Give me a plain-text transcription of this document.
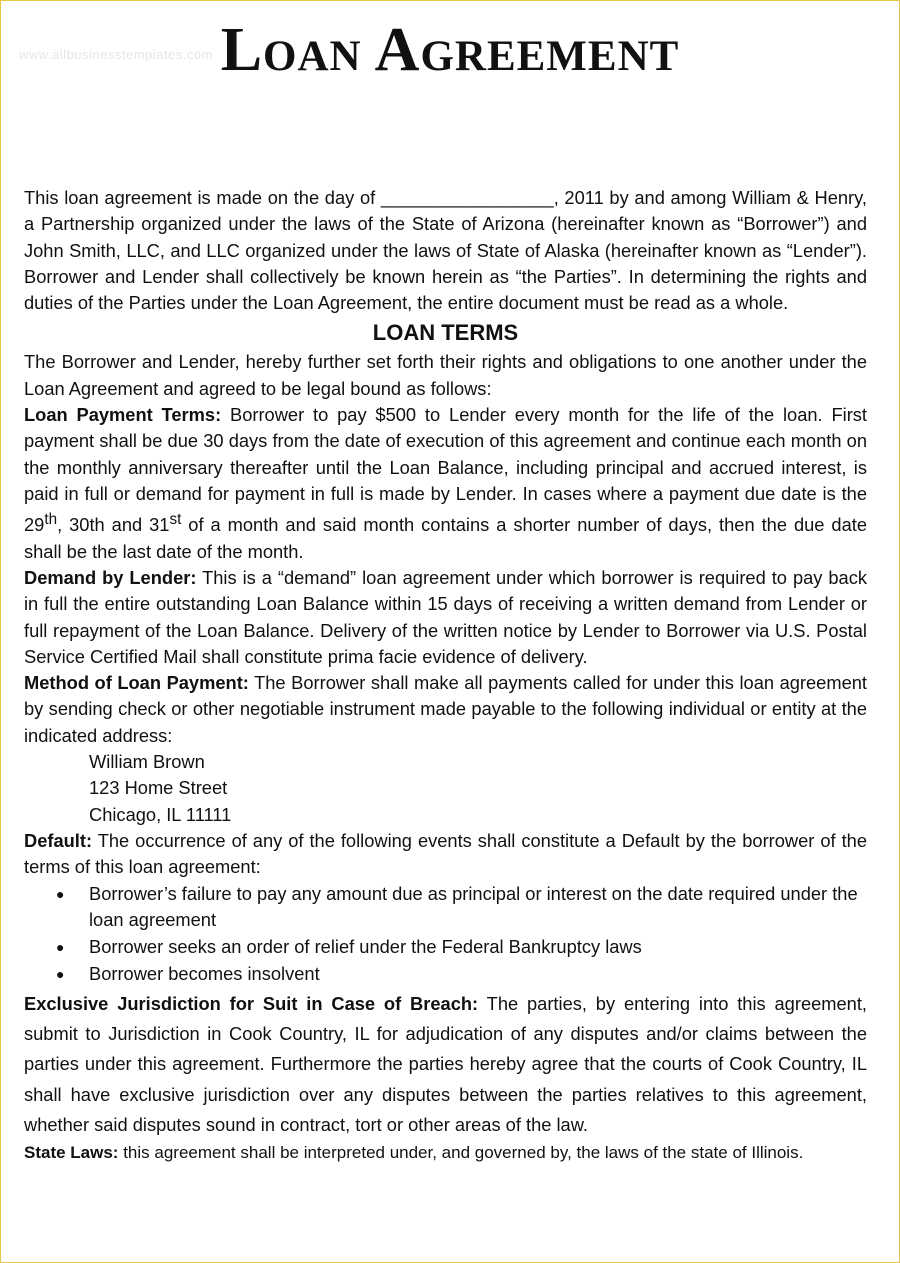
www.allbusinesstemplates.com Loan Agreement

This loan agreement is made on the day of _________________, 2011 by and among William & Henry, a Partnership organized under the laws of the State of Arizona (hereinafter known as “Borrower”) and John Smith, LLC, and LLC organized under the laws of State of Alaska (hereinafter known as “Lender”). Borrower and Lender shall collectively be known herein as “the Parties”. In determining the rights and duties of the Parties under the Loan Agreement, the entire document must be read as a whole.

LOAN TERMS

The Borrower and Lender, hereby further set forth their rights and obligations to one another under the Loan Agreement and agreed to be legal bound as follows:

Loan Payment Terms: Borrower to pay $500 to Lender every month for the life of the loan. First payment shall be due 30 days from the date of execution of this agreement and continue each month on the monthly anniversary thereafter until the Loan Balance, including principal and accrued interest, is paid in full or demand for payment in full is made by Lender. In cases where a payment due date is the 29th, 30th and 31st of a month and said month contains a shorter number of days, then the due date shall be the last date of the month.

Demand by Lender: This is a “demand” loan agreement under which borrower is required to pay back in full the entire outstanding Loan Balance within 15 days of receiving a written demand from Lender or full repayment of the Loan Balance. Delivery of the written notice by Lender to Borrower via U.S. Postal Service Certified Mail shall constitute prima facie evidence of delivery.

Method of Loan Payment: The Borrower shall make all payments called for under this loan agreement by sending check or other negotiable instrument made payable to the following individual or entity at the indicated address:

William Brown
123 Home Street
Chicago, IL 11111

Default: The occurrence of any of the following events shall constitute a Default by the borrower of the terms of this loan agreement:

● Borrower’s failure to pay any amount due as principal or interest on the date required under the loan agreement
● Borrower seeks an order of relief under the Federal Bankruptcy laws
● Borrower becomes insolvent

Exclusive Jurisdiction for Suit in Case of Breach: The parties, by entering into this agreement, submit to Jurisdiction in Cook Country, IL for adjudication of any disputes and/or claims between the parties under this agreement. Furthermore the parties hereby agree that the courts of Cook Country, IL shall have exclusive jurisdiction over any disputes between the parties relatives to this agreement, whether said disputes sound in contract, tort or other areas of the law.

State Laws: this agreement shall be interpreted under, and governed by, the laws of the state of Illinois.
